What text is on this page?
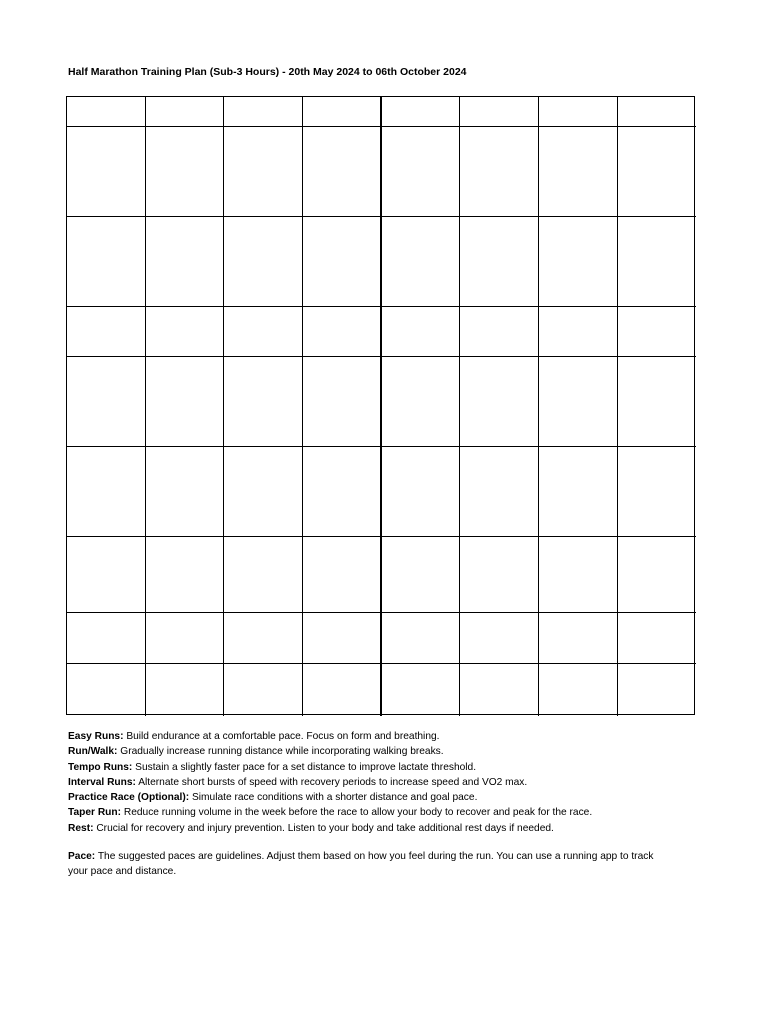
Half Marathon Training Plan (Sub-3 Hours) - 20th May 2024 to 06th October 2024
Easy Runs: Build endurance at a comfortable pace. Focus on form and breathing.
Run/Walk: Gradually increase running distance while incorporating walking breaks.
Tempo Runs: Sustain a slightly faster pace for a set distance to improve lactate threshold.
Interval Runs: Alternate short bursts of speed with recovery periods to increase speed and VO2 max.
Practice Race (Optional): Simulate race conditions with a shorter distance and goal pace.
Taper Run: Reduce running volume in the week before the race to allow your body to recover and peak for the race.
Rest: Crucial for recovery and injury prevention. Listen to your body and take additional rest days if needed.
Pace: The suggested paces are guidelines. Adjust them based on how you feel during the run. You can use a running app to track your pace and distance.
